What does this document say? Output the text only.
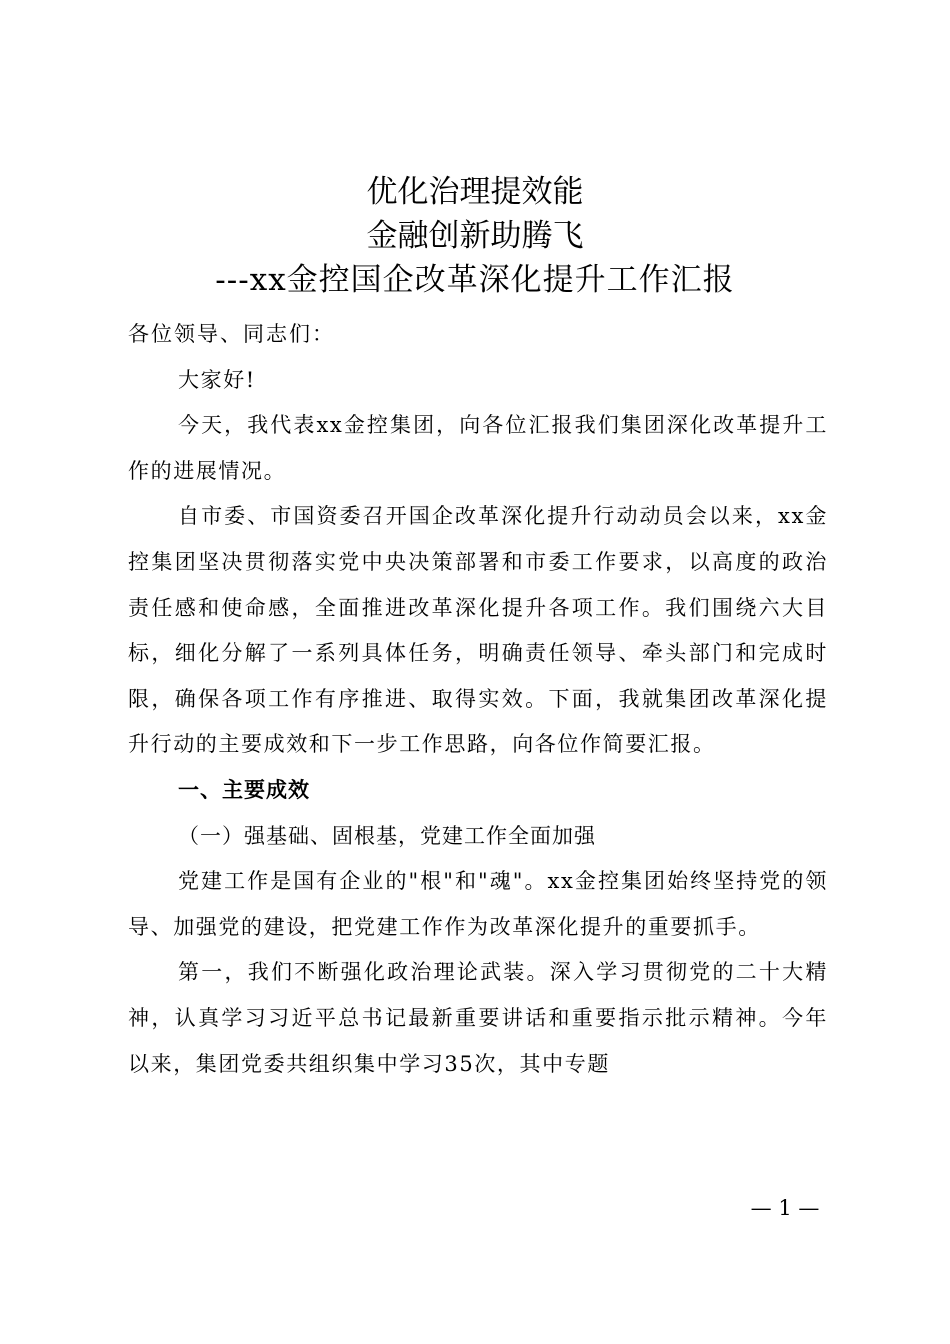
优化治理提效能
金融创新助腾飞
---xx金控国企改革深化提升工作汇报

各位领导、同志们：

大家好!

今天，我代表xx金控集团，向各位汇报我们集团深化改革提升工作的进展情况。

自市委、市国资委召开国企改革深化提升行动动员会以来，xx金控集团坚决贯彻落实党中央决策部署和市委工作要求，以高度的政治责任感和使命感，全面推进改革深化提升各项工作。我们围绕六大目标，细化分解了一系列具体任务，明确责任领导、牵头部门和完成时限，确保各项工作有序推进、取得实效。下面，我就集团改革深化提升行动的主要成效和下一步工作思路，向各位作简要汇报。

一、主要成效

（一）强基础、固根基，党建工作全面加强

党建工作是国有企业的"根"和"魂"。xx金控集团始终坚持党的领导、加强党的建设，把党建工作作为改革深化提升的重要抓手。

第一，我们不断强化政治理论武装。深入学习贯彻党的二十大精神，认真学习习近平总书记最新重要讲话和重要指示批示精神。今年以来，集团党委共组织集中学习35次，其中专题

— 1 —
